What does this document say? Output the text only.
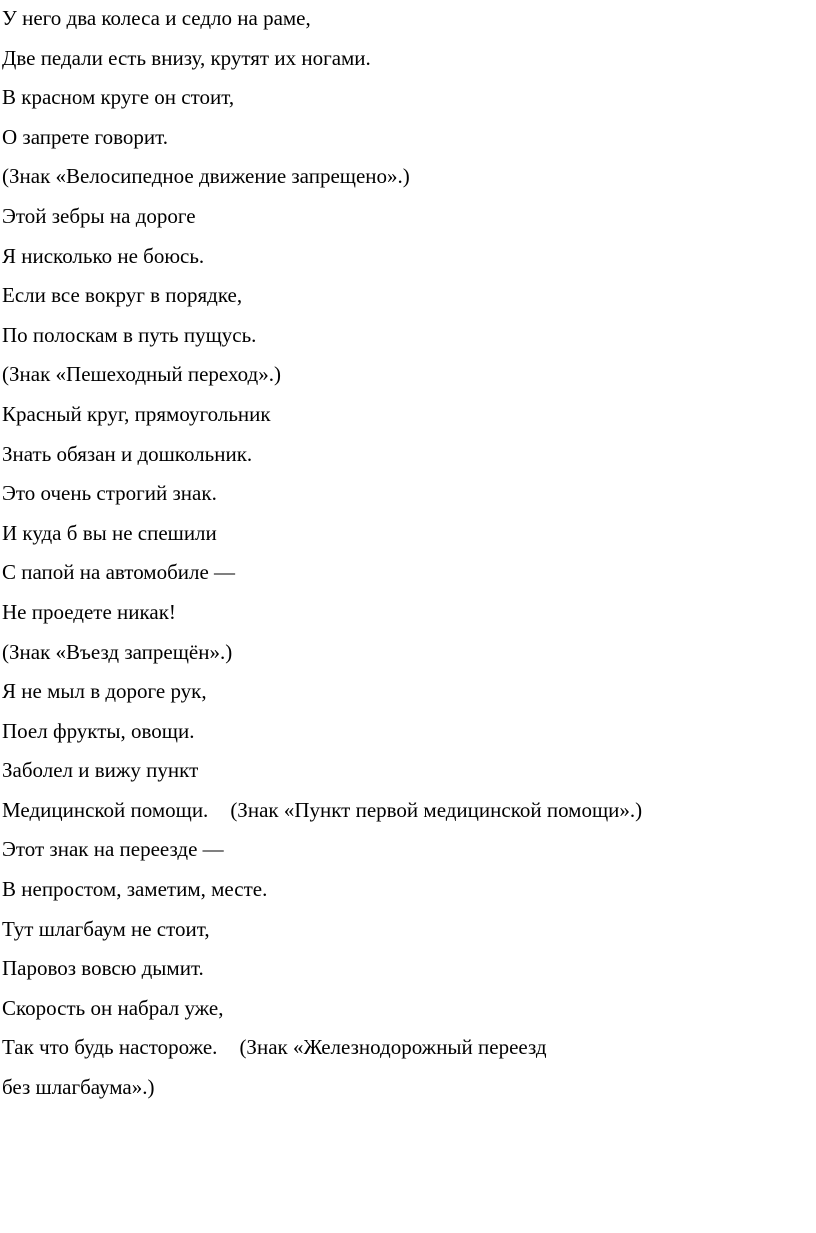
У него два колеса и седло на раме,
Две педали есть внизу, крутят их ногами.
В красном круге он стоит,
О запрете говорит.
(Знак «Велосипедное движение запрещено».)
Этой зебры на дороге
Я нисколько не боюсь.
Если все вокруг в порядке,
По полоскам в путь пущусь.
(Знак «Пешеходный переход».)
Красный круг, прямоугольник
Знать обязан и дошкольник.
Это очень строгий знак.
И куда б вы не спешили
С папой на автомобиле —
Не проедете никак!
(Знак «Въезд запрещён».)
Я не мыл в дороге рук,
Поел фрукты, овощи.
Заболел и вижу пункт
Медицинской помощи. (Знак «Пункт первой медицинской помощи».)
Этот знак на переезде —
В непростом, заметим, месте.
Тут шлагбаум не стоит,
Паровоз вовсю дымит.
Скорость он набрал уже,
Так что будь настороже. (Знак «Железнодорожный переезд
без шлагбаума».)
